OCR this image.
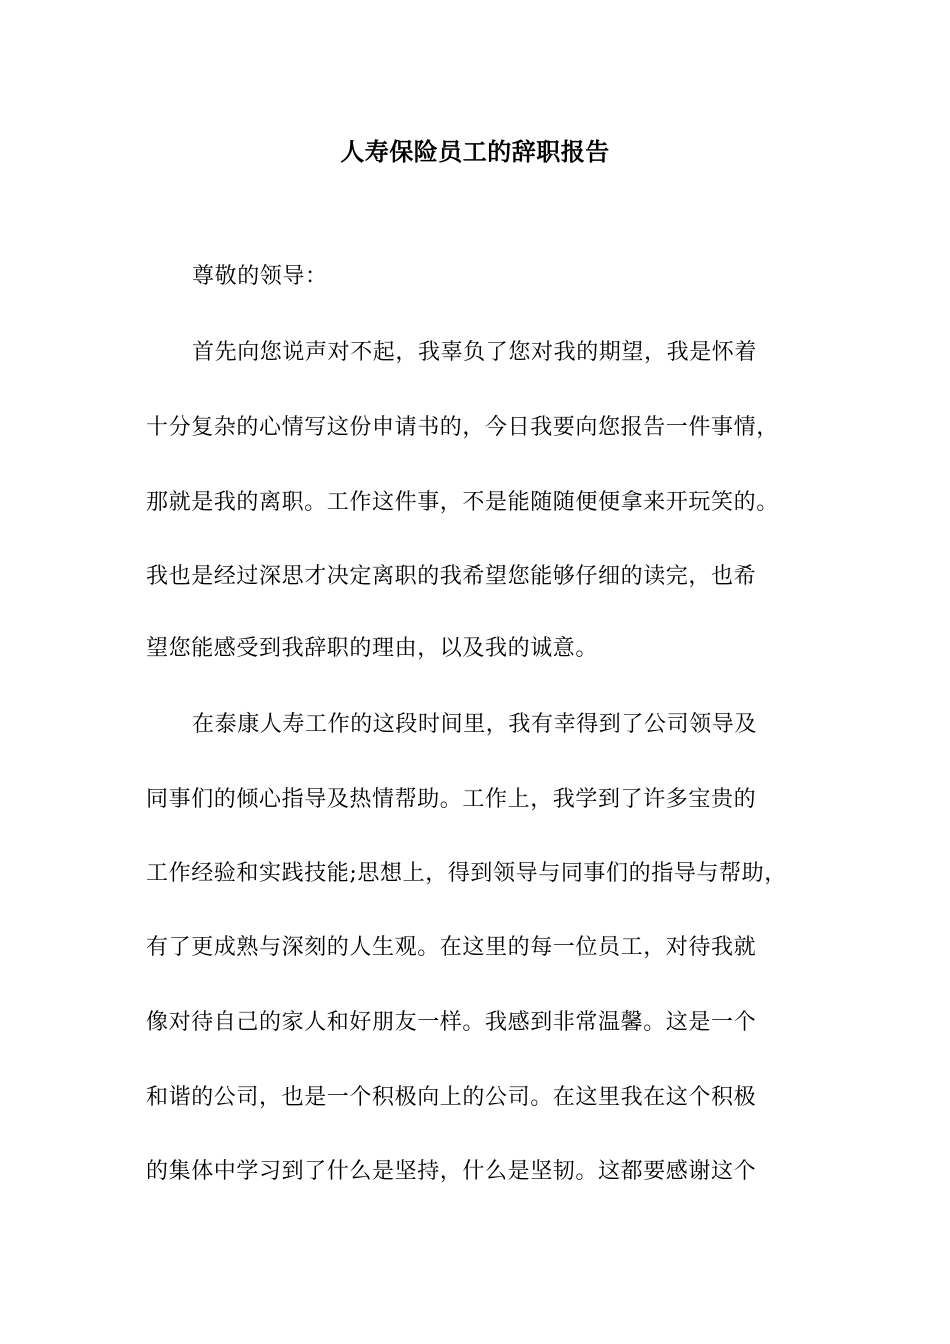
人寿保险员工的辞职报告
尊敬的领导：
首先向您说声对不起，我辜负了您对我的期望，我是怀着
十分复杂的心情写这份申请书的，今日我要向您报告一件事情，
那就是我的离职。工作这件事，不是能随随便便拿来开玩笑的。
我也是经过深思才决定离职的我希望您能够仔细的读完，也希
望您能感受到我辞职的理由，以及我的诚意。
在泰康人寿工作的这段时间里，我有幸得到了公司领导及
同事们的倾心指导及热情帮助。工作上，我学到了许多宝贵的
工作经验和实践技能;思想上，得到领导与同事们的指导与帮助，
有了更成熟与深刻的人生观。在这里的每一位员工，对待我就
像对待自己的家人和好朋友一样。我感到非常温馨。这是一个
和谐的公司，也是一个积极向上的公司。在这里我在这个积极
的集体中学习到了什么是坚持，什么是坚韧。这都要感谢这个
